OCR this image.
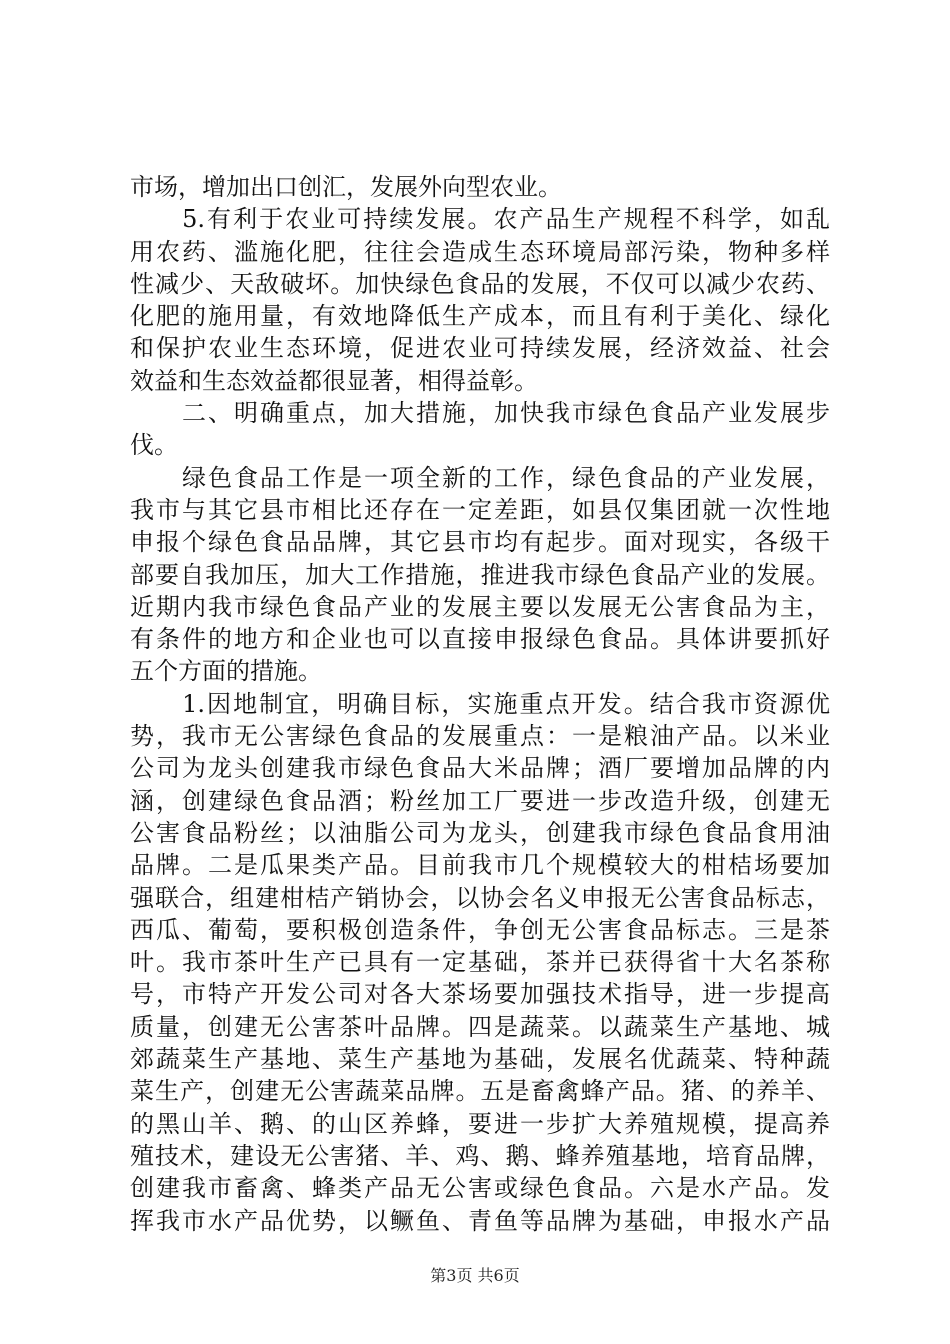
市场，增加出口创汇，发展外向型农业。
　　5.有利于农业可持续发展。农产品生产规程不科学，如乱
用农药、滥施化肥，往往会造成生态环境局部污染，物种多样
性减少、天敌破坏。加快绿色食品的发展，不仅可以减少农药、
化肥的施用量，有效地降低生产成本，而且有利于美化、绿化
和保护农业生态环境，促进农业可持续发展，经济效益、社会
效益和生态效益都很显著，相得益彰。
　　二、明确重点，加大措施，加快我市绿色食品产业发展步
伐。
　　绿色食品工作是一项全新的工作，绿色食品的产业发展，
我市与其它县市相比还存在一定差距，如县仅集团就一次性地
申报个绿色食品品牌，其它县市均有起步。面对现实，各级干
部要自我加压，加大工作措施，推进我市绿色食品产业的发展。
近期内我市绿色食品产业的发展主要以发展无公害食品为主，
有条件的地方和企业也可以直接申报绿色食品。具体讲要抓好
五个方面的措施。
　　1.因地制宜，明确目标，实施重点开发。结合我市资源优
势，我市无公害绿色食品的发展重点：一是粮油产品。以米业
公司为龙头创建我市绿色食品大米品牌；酒厂要增加品牌的内
涵，创建绿色食品酒；粉丝加工厂要进一步改造升级，创建无
公害食品粉丝；以油脂公司为龙头，创建我市绿色食品食用油
品牌。二是瓜果类产品。目前我市几个规模较大的柑桔场要加
强联合，组建柑桔产销协会，以协会名义申报无公害食品标志，
西瓜、葡萄，要积极创造条件，争创无公害食品标志。三是茶
叶。我市茶叶生产已具有一定基础，茶并已获得省十大名茶称
号，市特产开发公司对各大茶场要加强技术指导，进一步提高
质量，创建无公害茶叶品牌。四是蔬菜。以蔬菜生产基地、城
郊蔬菜生产基地、菜生产基地为基础，发展名优蔬菜、特种蔬
菜生产，创建无公害蔬菜品牌。五是畜禽蜂产品。猪、的养羊、
的黑山羊、鹅、的山区养蜂，要进一步扩大养殖规模，提高养
殖技术，建设无公害猪、羊、鸡、鹅、蜂养殖基地，培育品牌，
创建我市畜禽、蜂类产品无公害或绿色食品。六是水产品。发
挥我市水产品优势，以鳜鱼、青鱼等品牌为基础，申报水产品
第3页 共6页
